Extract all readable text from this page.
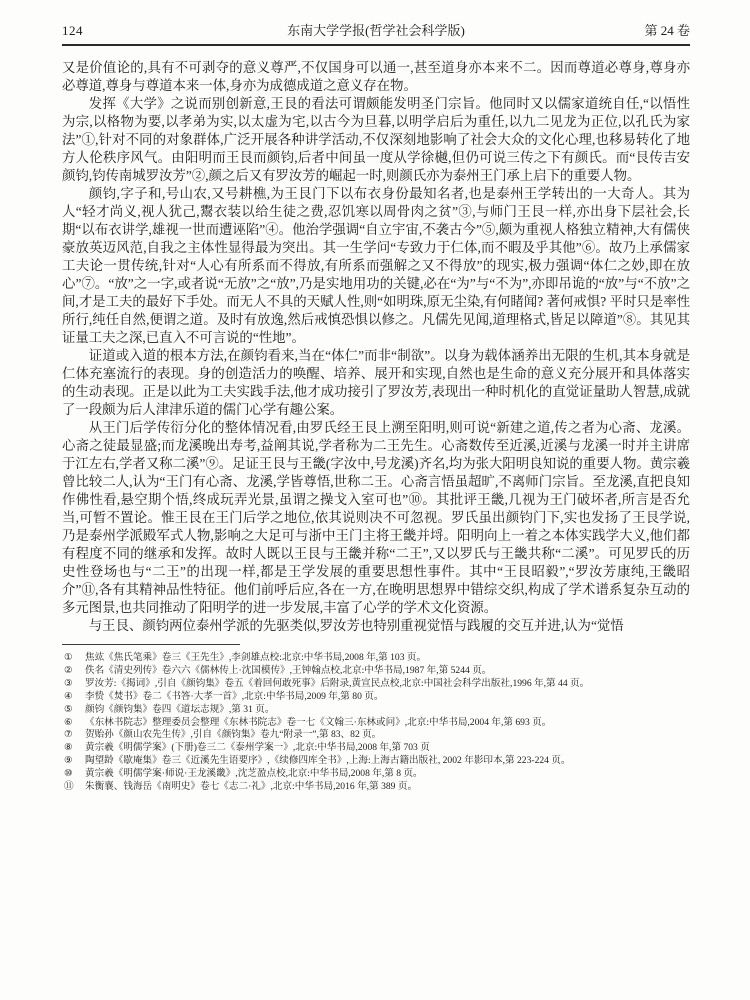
124	东南大学学报(哲学社会科学版)	第 24 卷

又是价值论的,具有不可剥夺的意义尊严,不仅国身可以通一,甚至道身亦本来不二。因而尊道必尊身,尊身亦必尊道,尊身与尊道本来一体,身亦为成德成道之意义存在物。

发挥《大学》之说而别创新意,王艮的看法可谓颇能发明圣门宗旨。他同时又以儒家道统自任,“以悟性为宗,以格物为要,以孝弟为实,以太虚为宅,以古今为旦暮,以明学启后为重任,以九二见龙为正位,以孔氏为家法”①,针对不同的对象群体,广泛开展各种讲学活动,不仅深刻地影响了社会大众的文化心理,也移易转化了地方人伦秩序风气。由阳明而王艮而颜钧,后者中间虽一度从学徐樾,但仍可说三传之下有颜氏。而“艮传吉安颜钧,钧传南城罗汝芳”②,颜之后又有罗汝芳的崛起一时,则颜氏亦为泰州王门承上启下的重要人物。

颜钧,字子和,号山农,又号耕樵,为王艮门下以布衣身份最知名者,也是泰州王学转出的一大奇人。其为人“轻才尚义,视人犹己,鬻衣装以给生徒之费,忍饥寒以周骨肉之贫”③,与师门王艮一样,亦出身下层社会,长期“以布衣讲学,雄视一世而遭诬陷”④。他治学强调“自立宇宙,不袭古今”⑤,颇为重视人格独立精神,大有儒侠豪放英迈风范,自我之主体性显得最为突出。其一生学问“专致力于仁体,而不暇及乎其他”⑥。故乃上承儒家工夫论一贯传统,针对“人心有所系而不得放,有所系而强解之又不得放”的现实,极力强调“体仁之妙,即在放心”⑦。“放”之一字,或者说“无放”之“放”,乃是实地用功的关键,必在“为”与“不为”,亦即吊诡的“放”与“不放”之间,才是工夫的最好下手处。而无人不具的天赋人性,则“如明珠,原无尘染,有何睹闻? 著何戒惧? 平时只是率性所行,纯任自然,便谓之道。及时有放逸,然后戒慎恐惧以修之。凡儒先见闻,道理格式,皆足以障道”⑧。其见其证量工夫之深,已直入不可言说的“性地”。

证道或入道的根本方法,在颜钧看来,当在“体仁”而非“制欲”。以身为载体涵养出无限的生机,其本身就是仁体充塞流行的表现。身的创造活力的唤醒、培养、展开和实现,自然也是生命的意义充分展开和具体落实的生动表现。正是以此为工夫实践手法,他才成功接引了罗汝芳,表现出一种时机化的直觉证量助人智慧,成就了一段颇为后人津津乐道的儒门心学有趣公案。

从王门后学传衍分化的整体情况看,由罗氏经王艮上溯至阳明,则可说“新建之道,传之者为心斋、龙溪。心斋之徒最显盛;而龙溪晚出寿考,益阐其说,学者称为二王先生。心斋数传至近溪,近溪与龙溪一时并主讲席于江左右,学者又称二溪”⑨。足证王艮与王畿(字汝中,号龙溪)齐名,均为张大阳明良知说的重要人物。黄宗羲曾比较二人,认为“王门有心斋、龙溪,学皆尊悟,世称二王。心斋言悟虽超旷,不离师门宗旨。至龙溪,直把良知作佛性看,悬空期个悟,终成玩弄光景,虽谓之操戈入室可也”⑩。其批评王畿,几视为王门破坏者,所言是否允当,可暂不置论。惟王艮在王门后学之地位,依其说则决不可忽视。罗氏虽出颜钧门下,实也发扬了王艮学说,乃是泰州学派殿军式人物,影响之大足可与浙中王门主将王畿并埒。阳明向上一着之本体实践学大义,他们都有程度不同的继承和发挥。故时人既以王艮与王畿并称“二王”,又以罗氏与王畿共称“二溪”。可见罗氏的历史性登场也与“二王”的出现一样,都是王学发展的重要思想性事件。其中“王艮昭毅”,“罗汝芳康纯,王畿昭介”⑪,各有其精神品性特征。他们前呼后应,各在一方,在晚明思想界中错综交织,构成了学术谱系复杂互动的多元图景,也共同推动了阳明学的进一步发展,丰富了心学的学术文化资源。

与王艮、颜钧两位泰州学派的先驱类似,罗汝芳也特别重视觉悟与践履的交互并进,认为“觉悟

①	焦竑《焦氏笔乘》卷三《王先生》,李剑雄点校:北京:中华书局,2008 年,第 103 页。
②	佚名《清史列传》卷六六《儒林传上·沈国模传》,王钟翰点校,北京:中华书局,1987 年,第 5244 页。
③	罗汝芳:《揭词》,引自《颜钧集》卷五《着回何敢死事》后附录,黄宣民点校,北京:中国社会科学出版社,1996 年,第 44 页。
④	李贽《焚书》卷二《书答·大孝一首》,北京:中华书局,2009 年,第 80 页。
⑤	颜钧《颜钧集》卷四《道坛志规》,第 31 页。
⑥	《东林书院志》整理委员会整理《东林书院志》卷一七《文翰三·东林或问》,北京:中华书局,2004 年,第 693 页。
⑦	贺贻孙《颜山农先生传》,引自《颜钧集》卷九“附录一”,第 83、82 页。
⑧	黄宗羲《明儒学案》(下册)卷三二《泰州学案一》,北京:中华书局,2008 年,第 703 页
⑨	陶望龄《歇庵集》卷三《近溪先生语要序》,《续修四库全书》,上海:上海古籍出版社, 2002 年影印本,第 223-224 页。
⑩	黄宗羲《明儒学案·师说·王龙溪畿》,沈芝盈点校,北京:中华书局,2008 年,第 8 页。
⑪	朱衡襄、钱海岳《南明史》卷七《志二·礼》,北京:中华书局,2016 年,第 389 页。
